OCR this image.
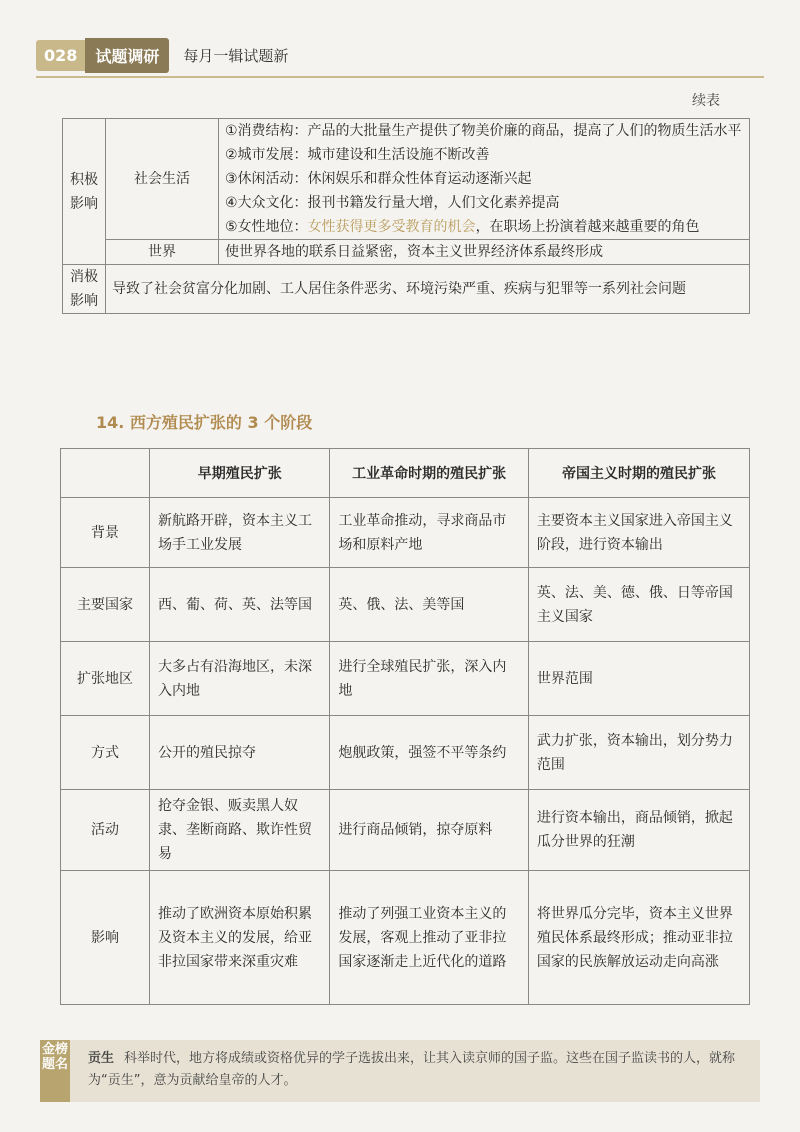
028	试题调研	每月一辑试题新
续表
积极影响	社会生活	①消费结构：产品的大批量生产提供了物美价廉的商品，提高了人们的物质生活水平
②城市发展：城市建设和生活设施不断改善
③休闲活动：休闲娱乐和群众性体育运动逐渐兴起
④大众文化：报刊书籍发行量大增，人们文化素养提高
⑤女性地位：女性获得更多受教育的机会，在职场上扮演着越来越重要的角色

	世界	使世界各地的联系日益紧密，资本主义世界经济体系最终形成
消极影响	导致了社会贫富分化加剧、工人居住条件恶劣、环境污染严重、疾病与犯罪等一系列社会问题	
14. 西方殖民扩张的 3 个阶段
	早期殖民扩张	工业革命时期的殖民扩张	帝国主义时期的殖民扩张
背景	新航路开辟，资本主义工场手工业发展	工业革命推动，寻求商品市场和原料产地	主要资本主义国家进入帝国主义阶段，进行资本输出
主要国家	西、葡、荷、英、法等国	英、俄、法、美等国	英、法、美、德、俄、日等帝国主义国家
扩张地区	大多占有沿海地区，未深入内地	进行全球殖民扩张，深入内地	世界范围
方式	公开的殖民掠夺	炮舰政策，强签不平等条约	武力扩张，资本输出，划分势力范围
活动	抢夺金银、贩卖黑人奴隶、垄断商路、欺诈性贸易	进行商品倾销，掠夺原料	进行资本输出，商品倾销，掀起瓜分世界的狂潮
影响	推动了欧洲资本原始积累及资本主义的发展，给亚非拉国家带来深重灾难	推动了列强工业资本主义的发展，客观上推动了亚非拉国家逐渐走上近代化的道路	将世界瓜分完毕，资本主义世界殖民体系最终形成；推动亚非拉国家的民族解放运动走向高涨
金榜题名 贡生 科举时代，地方将成绩或资格优异的学子选拔出来，让其入读京师的国子监。这些在国子监读书的人，就称为“贡生”，意为贡献给皇帝的人才。
